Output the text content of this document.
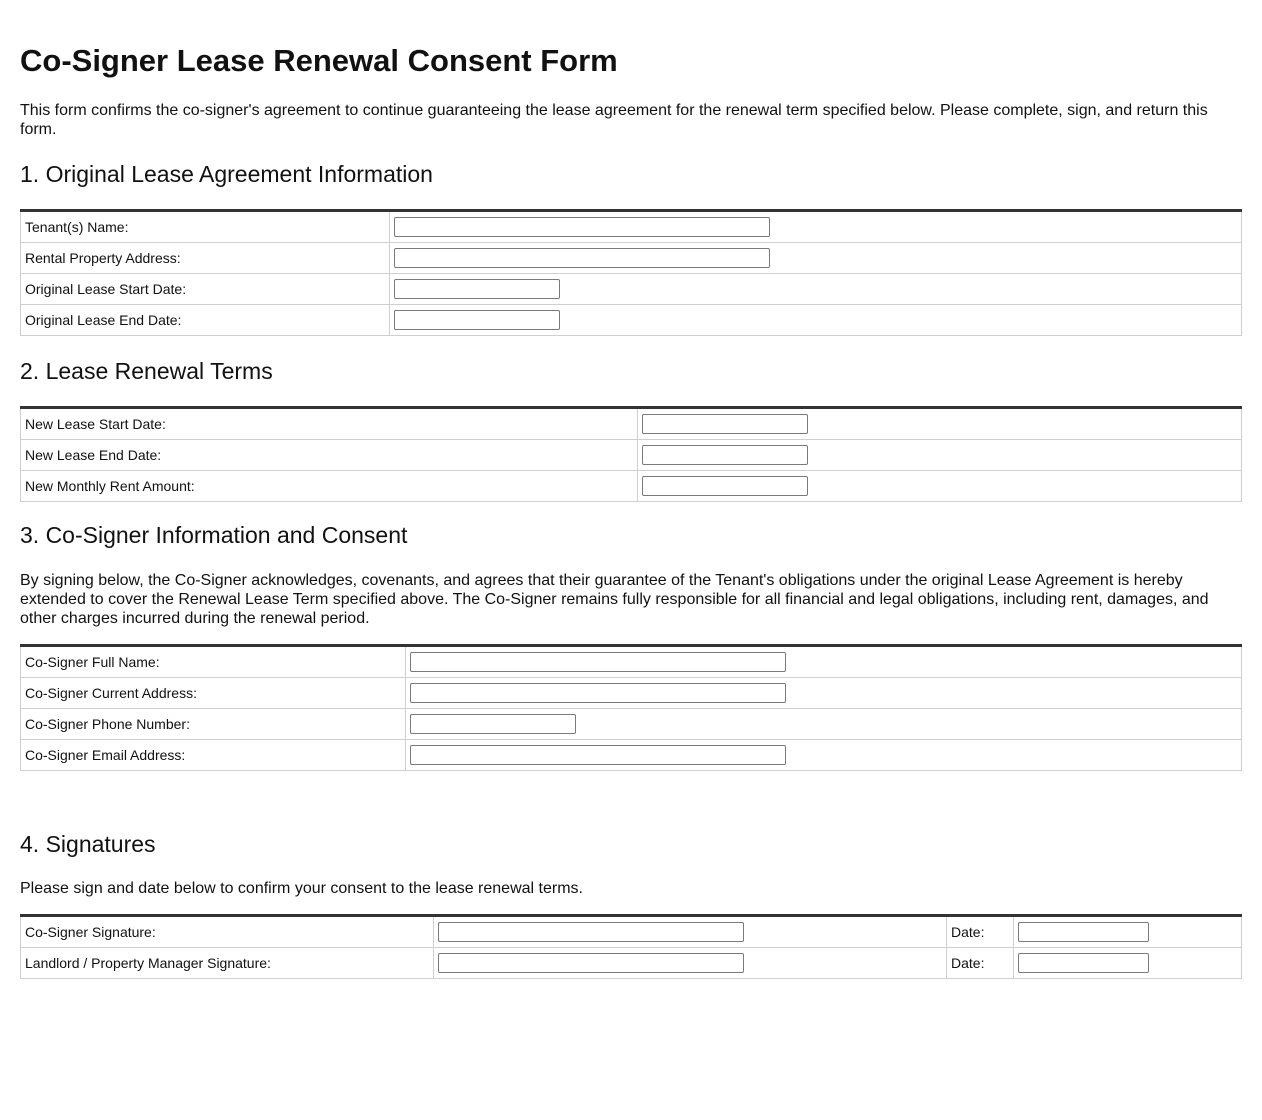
Co-Signer Lease Renewal Consent Form

This form confirms the co-signer's agreement to continue guaranteeing the lease agreement for the renewal term specified below. Please complete, sign, and return this form.

1. Original Lease Agreement Information
Tenant(s) Name:	
Rental Property Address:	
Original Lease Start Date:	
Original Lease End Date:	
2. Lease Renewal Terms
New Lease Start Date:	
New Lease End Date:	
New Monthly Rent Amount:	
3. Co-Signer Information and Consent

By signing below, the Co-Signer acknowledges, covenants, and agrees that their guarantee of the Tenant's obligations under the original Lease Agreement is hereby extended to cover the Renewal Lease Term specified above. The Co-Signer remains fully responsible for all financial and legal obligations, including rent, damages, and other charges incurred during the renewal period.

Co-Signer Full Name:	
Co-Signer Current Address:	
Co-Signer Phone Number:	
Co-Signer Email Address:	
4. Signatures

Please sign and date below to confirm your consent to the lease renewal terms.

Co-Signer Signature:		Date:	
Landlord / Property Manager Signature:		Date:	
